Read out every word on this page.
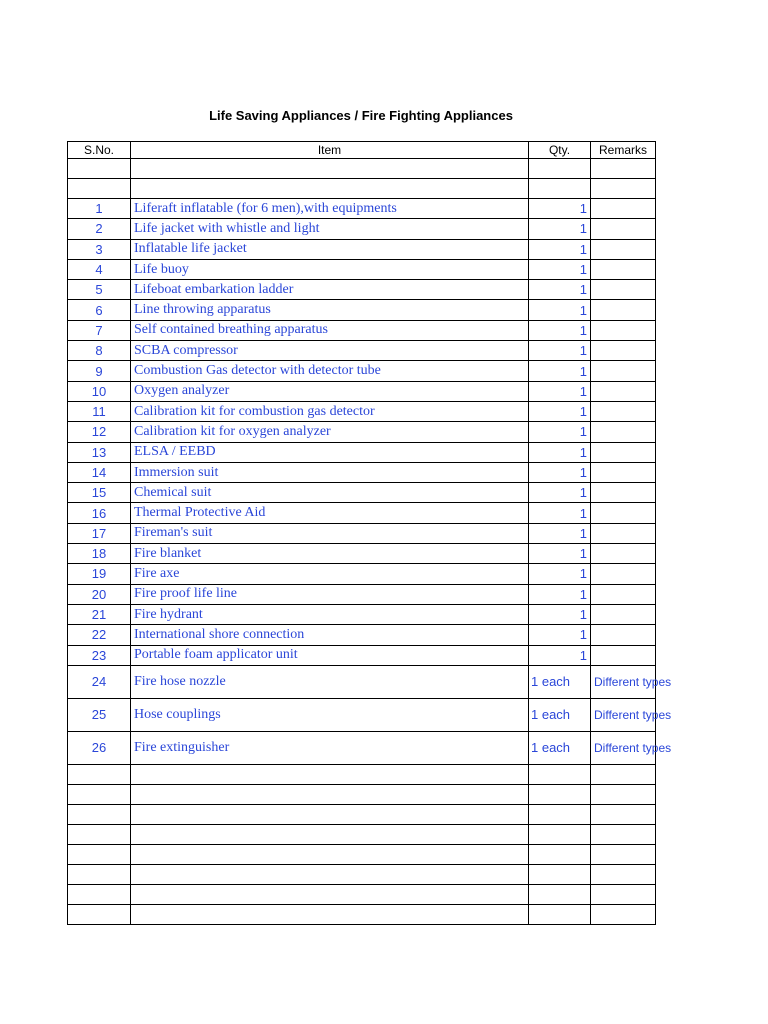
Life Saving Appliances / Fire Fighting Appliances
S.No.	Item	Qty.	Remarks

1	Liferaft inflatable (for 6 men),with equipments	1	
2	Life jacket with whistle and light	1	
3	Inflatable life jacket	1	
4	Life buoy	1	
5	Lifeboat embarkation ladder	1	
6	Line throwing apparatus	1	
7	Self contained breathing apparatus	1	
8	SCBA compressor	1	
9	Combustion Gas detector with detector tube	1	
10	Oxygen analyzer	1	
11	Calibration kit for combustion gas detector	1	
12	Calibration kit for oxygen analyzer	1	
13	ELSA / EEBD	1	
14	Immersion suit	1	
15	Chemical suit	1	
16	Thermal Protective Aid	1	
17	Fireman's suit	1	
18	Fire blanket	1	
19	Fire axe	1	
20	Fire proof life line	1	
21	Fire hydrant	1	
22	International shore connection	1	
23	Portable foam applicator unit	1	
24	Fire hose nozzle	1 each	Different types
25	Hose couplings	1 each	Different types
26	Fire extinguisher	1 each	Different types
